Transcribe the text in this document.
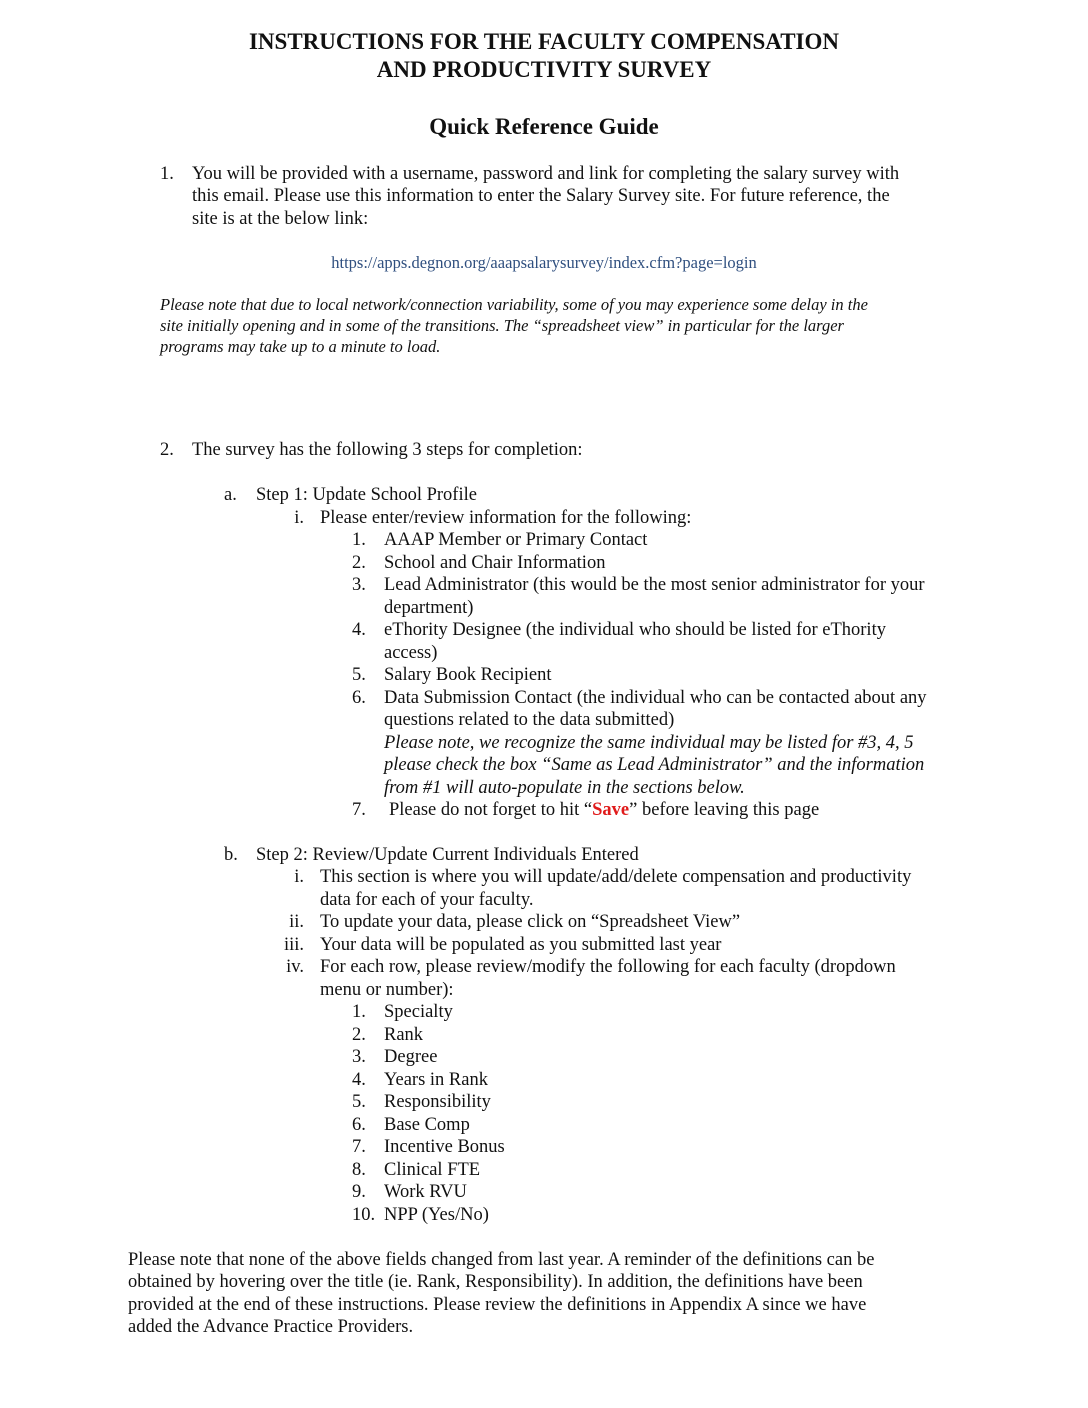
INSTRUCTIONS FOR THE FACULTY COMPENSATION
AND PRODUCTIVITY SURVEY
Quick Reference Guide
1. You will be provided with a username, password and link for completing the salary survey with
this email. Please use this information to enter the Salary Survey site. For future reference, the
site is at the below link:
https://apps.degnon.org/aaapsalarysurvey/index.cfm?page=login
Please note that due to local network/connection variability, some of you may experience some delay in the
site initially opening and in some of the transitions. The “spreadsheet view” in particular for the larger
programs may take up to a minute to load.
2. The survey has the following 3 steps for completion:
a. Step 1: Update School Profile
i. Please enter/review information for the following:
1. AAAP Member or Primary Contact
2. School and Chair Information
3. Lead Administrator (this would be the most senior administrator for your
department)
4. eThority Designee (the individual who should be listed for eThority
access)
5. Salary Book Recipient
6. Data Submission Contact (the individual who can be contacted about any
questions related to the data submitted)
Please note, we recognize the same individual may be listed for #3, 4, 5
please check the box “Same as Lead Administrator” and the information
from #1 will auto-populate in the sections below.
7. Please do not forget to hit “Save” before leaving this page
b. Step 2: Review/Update Current Individuals Entered
i. This section is where you will update/add/delete compensation and productivity
data for each of your faculty.
ii. To update your data, please click on “Spreadsheet View”
iii. Your data will be populated as you submitted last year
iv. For each row, please review/modify the following for each faculty (dropdown
menu or number):
1. Specialty
2. Rank
3. Degree
4. Years in Rank
5. Responsibility
6. Base Comp
7. Incentive Bonus
8. Clinical FTE
9. Work RVU
10. NPP (Yes/No)
Please note that none of the above fields changed from last year. A reminder of the definitions can be
obtained by hovering over the title (ie. Rank, Responsibility). In addition, the definitions have been
provided at the end of these instructions. Please review the definitions in Appendix A since we have
added the Advance Practice Providers.
